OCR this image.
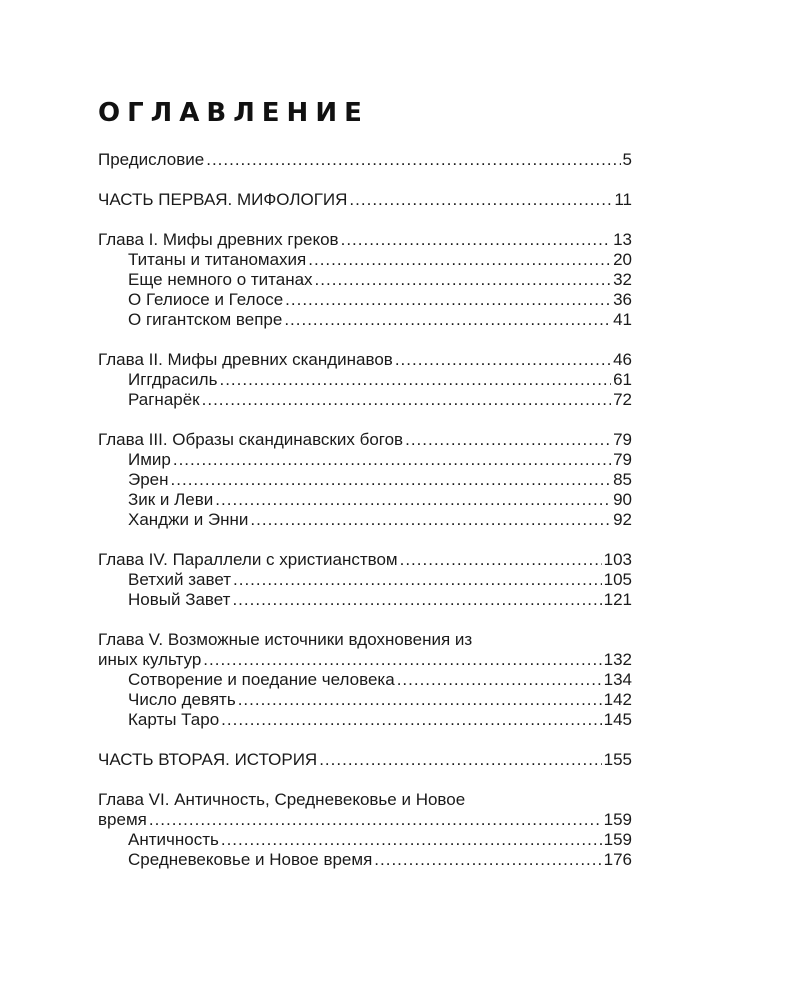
ОГЛАВЛЕНИЕ
Предисловие .....	5
ЧАСТЬ ПЕРВАЯ. МИФОЛОГИЯ .....	11
Глава I. Мифы древних греков .....	13
Титаны и титаномахия .....	20
Еще немного о титанах .....	32
О Гелиосе и Гелосе .....	36
О гигантском вепре .....	41
Глава II. Мифы древних скандинавов .....	46
Иггдрасиль .....	61
Рагнарёк .....	72
Глава III. Образы скандинавских богов .....	79
Имир .....	79
Эрен .....	85
Зик и Леви .....	90
Ханджи и Энни .....	92
Глава IV. Параллели с христианством .....	103
Ветхий завет .....	105
Новый Завет .....	121
Глава V. Возможные источники вдохновения из
иных культур .....	132
Сотворение и поедание человека .....	134
Число девять .....	142
Карты Таро .....	145
ЧАСТЬ ВТОРАЯ. ИСТОРИЯ .....	155
Глава VI. Античность, Средневековье и Новое
время .....	159
Античность .....	159
Средневековье и Новое время .....	176
